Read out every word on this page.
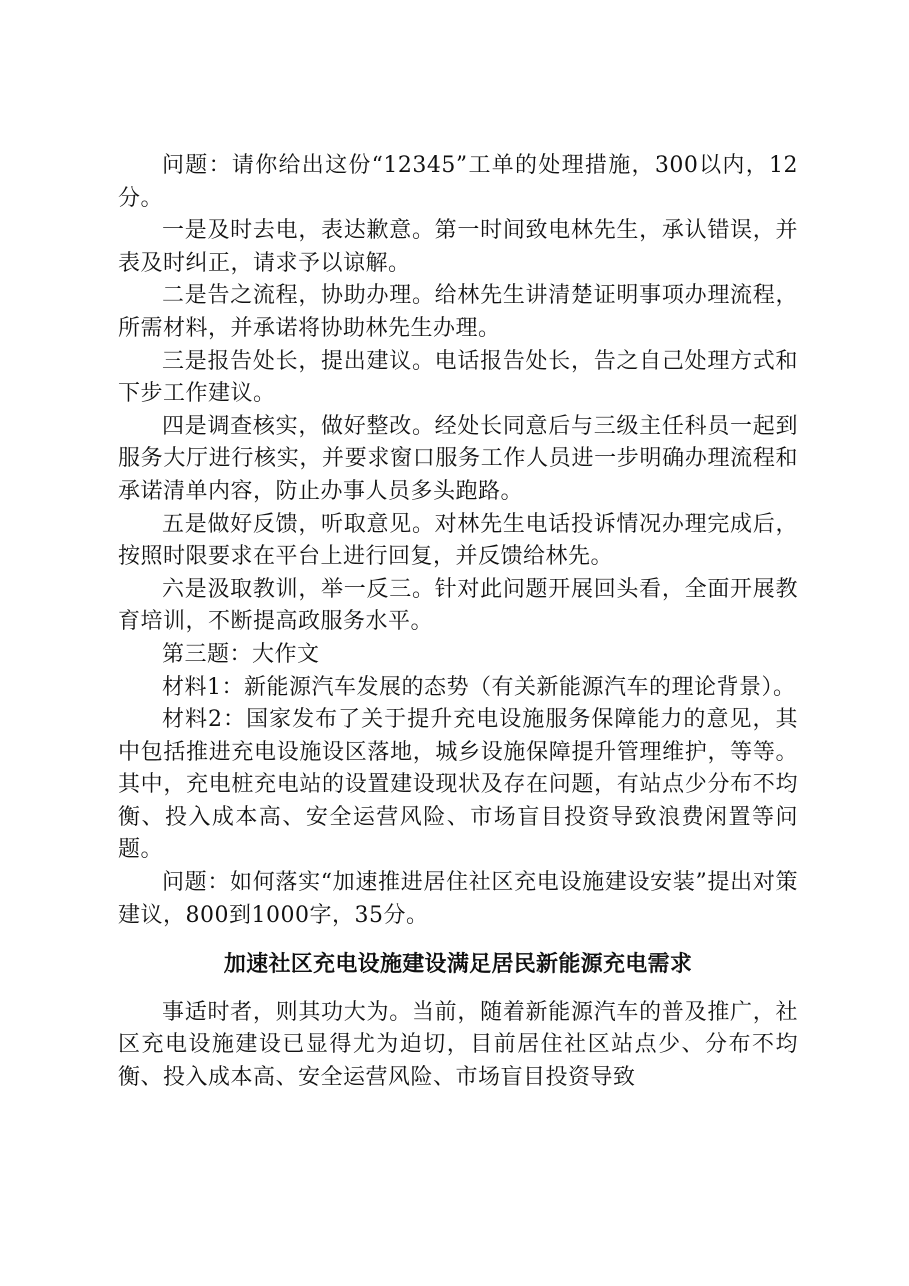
问题：请你给出这份“12345”工单的处理措施，300以内，12分。

一是及时去电，表达歉意。第一时间致电林先生，承认错误，并表及时纠正，请求予以谅解。

二是告之流程，协助办理。给林先生讲清楚证明事项办理流程，所需材料，并承诺将协助林先生办理。

三是报告处长，提出建议。电话报告处长，告之自己处理方式和下步工作建议。

四是调查核实，做好整改。经处长同意后与三级主任科员一起到服务大厅进行核实，并要求窗口服务工作人员进一步明确办理流程和承诺清单内容，防止办事人员多头跑路。

五是做好反馈，听取意见。对林先生电话投诉情况办理完成后，按照时限要求在平台上进行回复，并反馈给林先。

六是汲取教训，举一反三。针对此问题开展回头看，全面开展教育培训，不断提高政服务水平。

第三题：大作文

材料1：新能源汽车发展的态势（有关新能源汽车的理论背景）。

材料2：国家发布了关于提升充电设施服务保障能力的意见，其中包括推进充电设施设区落地，城乡设施保障提升管理维护，等等。其中，充电桩充电站的设置建设现状及存在问题，有站点少分布不均衡、投入成本高、安全运营风险、市场盲目投资导致浪费闲置等问题。

问题：如何落实“加速推进居住社区充电设施建设安装”提出对策建议，800到1000字，35分。

加速社区充电设施建设满足居民新能源充电需求

事适时者，则其功大为。当前，随着新能源汽车的普及推广，社区充电设施建设已显得尤为迫切，目前居住社区站点少、分布不均衡、投入成本高、安全运营风险、市场盲目投资导致
